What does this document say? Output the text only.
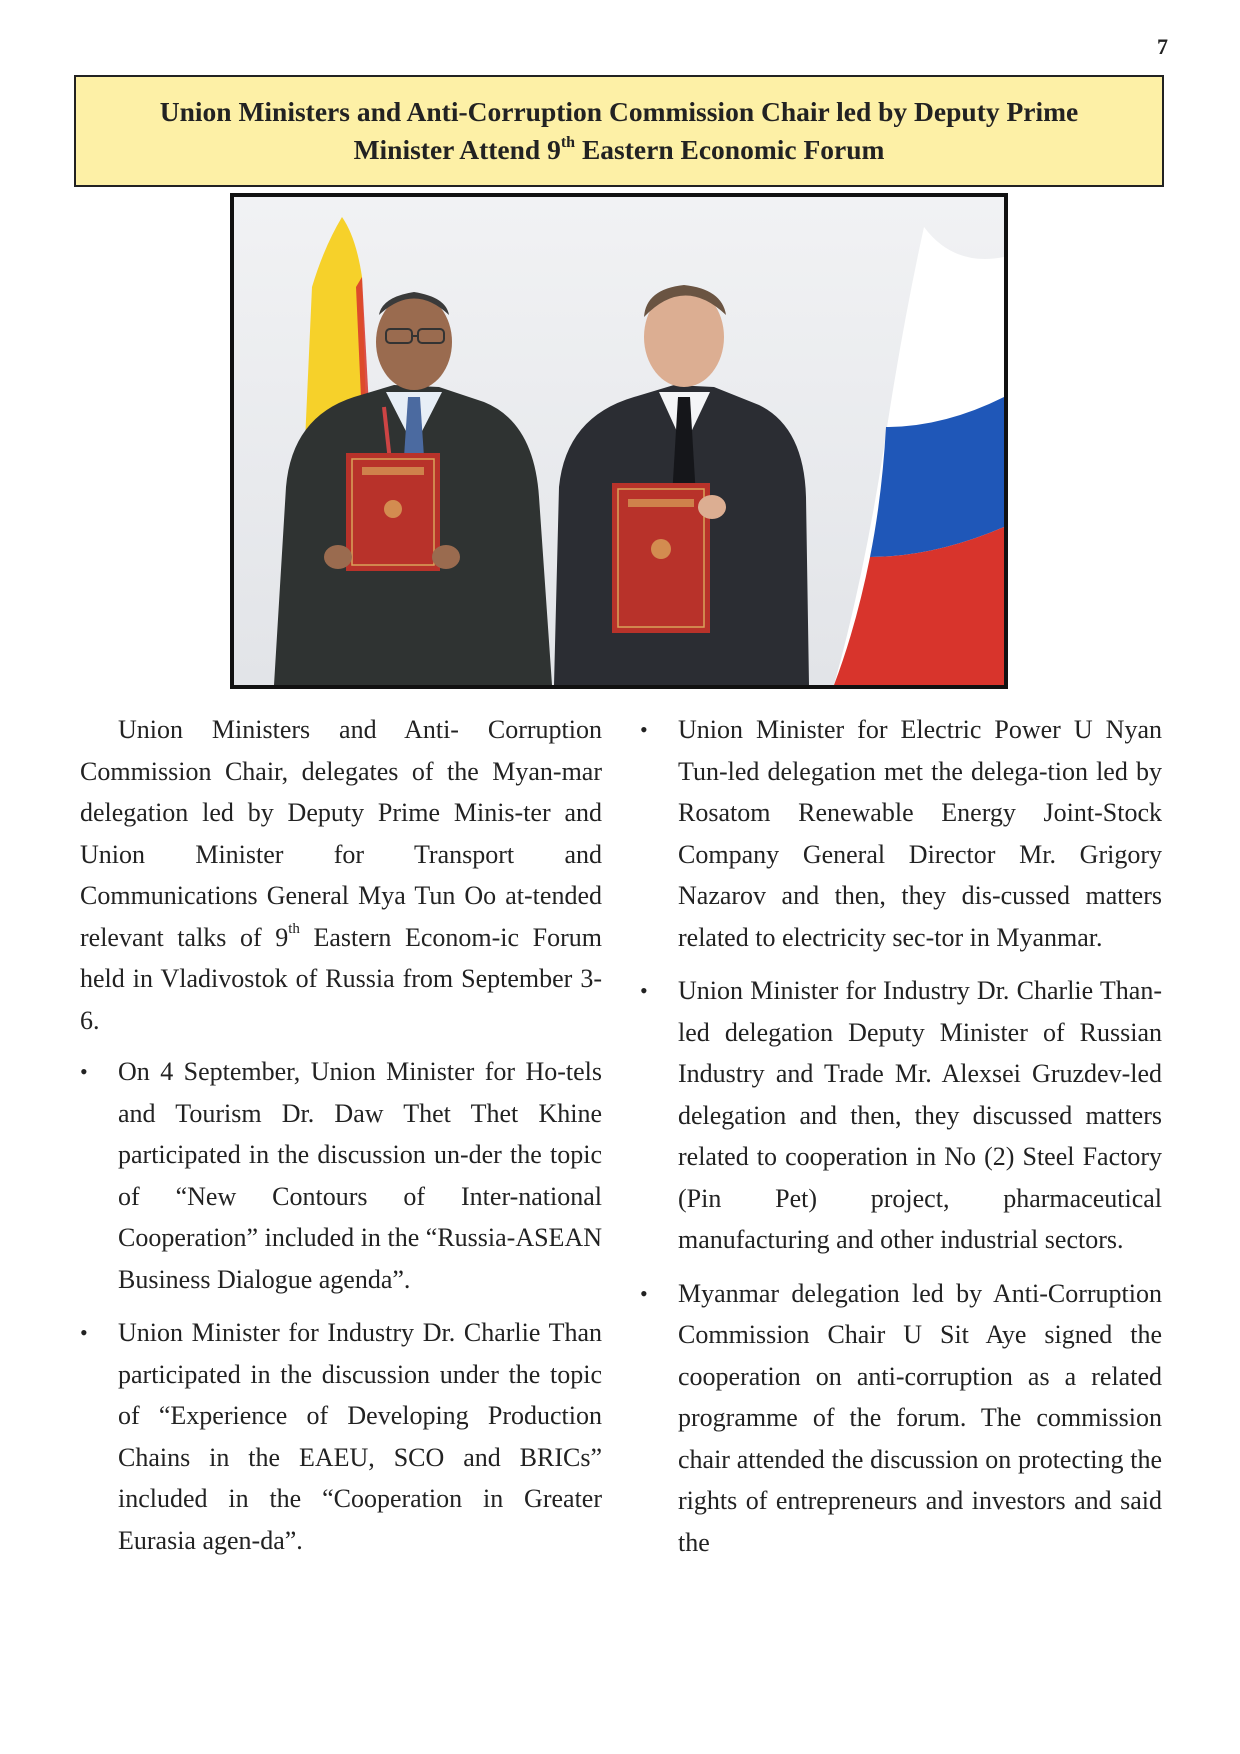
7
Union Ministers and Anti-Corruption Commission Chair led by Deputy Prime
Minister Attend 9th Eastern Economic Forum

Union Ministers and Anti- Corruption Commission Chair, delegates of the Myan-mar delegation led by Deputy Prime Minis-ter and Union Minister for Transport and Communications General Mya Tun Oo at-tended relevant talks of 9th Eastern Econom-ic Forum held in Vladivostok of Russia from September 3-6.

• On 4 September, Union Minister for Ho-tels and Tourism Dr. Daw Thet Thet Khine participated in the discussion un-der the topic of “New Contours of Inter-national Cooperation” included in the “Russia-ASEAN Business Dialogue agenda”.

• Union Minister for Industry Dr. Charlie Than participated in the discussion under the topic of “Experience of Developing Production Chains in the EAEU, SCO and BRICs” included in the “Cooperation in Greater Eurasia agen-da”.

• Union Minister for Electric Power U Nyan Tun-led delegation met the delega-tion led by Rosatom Renewable Energy Joint-Stock Company General Director Mr. Grigory Nazarov and then, they dis-cussed matters related to electricity sec-tor in Myanmar.

• Union Minister for Industry Dr. Charlie Than-led delegation Deputy Minister of Russian Industry and Trade Mr. Alexsei Gruzdev-led delegation and then, they discussed matters related to cooperation in No (2) Steel Factory (Pin Pet) project, pharmaceutical manufacturing and other industrial sectors.

• Myanmar delegation led by Anti-Corruption Commission Chair U Sit Aye signed the cooperation on anti-corruption as a related programme of the forum. The commission chair attended the discussion on protecting the rights of entrepreneurs and investors and said the
